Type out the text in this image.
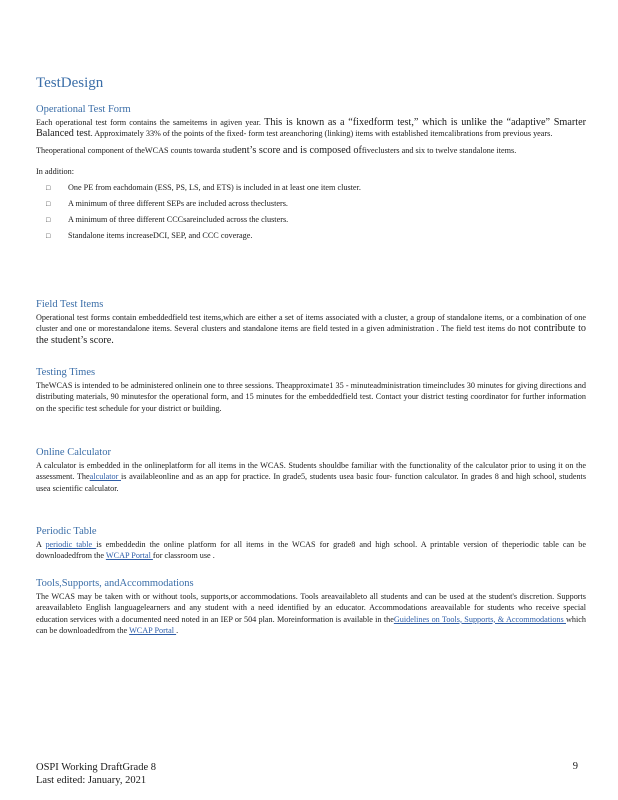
TestDesign
Operational Test Form

Each operational test form contains the sameitems in agiven year. This is known as a “fixedform test,” which is unlike the “adaptive” Smarter Balanced test. Approximately 33% of the points of the fixed- form test areanchoring (linking) items with established itemcalibrations from previous years.

Theoperational component of theWCAS counts towarda student’s score and is composed offiveclusters and six to twelve standalone items.

In addition:

□ One PE from eachdomain (ESS, PS, LS, and ETS) is included in at least one item cluster.
□ A minimum of three different SEPs are included across theclusters.
□ A minimum of three different CCCsareincluded across the clusters.
□ Standalone items increaseDCI, SEP, and CCC coverage.
Field Test Items

Operational test forms contain embeddedfield test items,which are either a set of items associated with a cluster, a group of standalone items, or a combination of one cluster and one or morestandalone items. Several clusters and standalone items are field tested in a given administration . The field test items do not contribute to the student’s score.

Testing Times

TheWCAS is intended to be administered onlinein one to three sessions. Theapproximate1 35 - minuteadministration timeincludes 30 minutes for giving directions and distributing materials, 90 minutesfor the operational form, and 15 minutes for the embeddedfield test. Contact your district testing coordinator for further information on the specific test schedule for your district or building.

Online Calculator

A calculator is embedded in the onlineplatform for all items in the WCAS. Students shouldbe familiar with the functionality of the calculator prior to using it on the assessment. Thealculator is availableonline and as an app for practice. In grade5, students usea basic four- function calculator. In grades 8 and high school, students usea scientific calculator.

Periodic Table

A periodic table is embeddedin the online platform for all items in the WCAS for grade8 and high school. A printable version of theperiodic table can be downloadedfrom the WCAP Portal for classroom use .

Tools,Supports, andAccommodations

The WCAS may be taken with or without tools, supports,or accommodations. Tools areavailableto all students and can be used at the student's discretion. Supports areavailableto English languagelearners and any student with a need identified by an educator. Accommodations areavailable for students who receive special education services with a documented need noted in an IEP or 504 plan. Moreinformation is available in theGuidelines on Tools, Supports, & Accommodations which can be downloadedfrom the WCAP Portal .

OSPI Working DraftGrade 8
Last edited: January, 2021
9
